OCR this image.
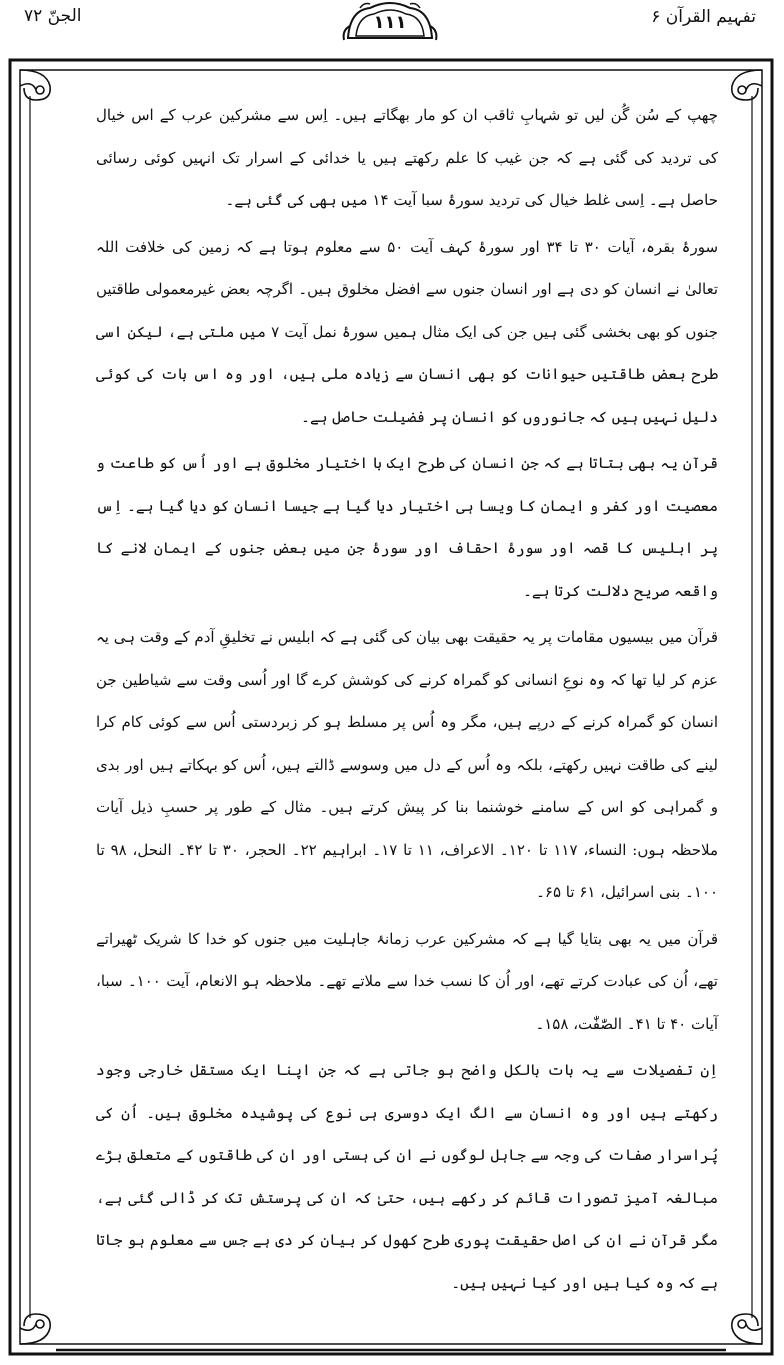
الجنّ ۷۲	۱۱۱	تفہیم القرآن ۶

چھپ کے سُن گُن لیں تو شہابِ ثاقب ان کو مار بھگاتے ہیں۔ اِس سے مشرکین عرب کے اس خیال کی تردید کی گئی ہے کہ جن غیب کا علم رکھتے ہیں یا خدائی کے اسرار تک انہیں کوئی رسائی حاصل ہے۔ اِسی غلط خیال کی تردید سورۂ سبا آیت ۱۴ میں بھی کی گئی ہے۔

سورۂ بقرہ، آیات ۳۰ تا ۳۴ اور سورۂ کہف آیت ۵۰ سے معلوم ہوتا ہے کہ زمین کی خلافت اللہ تعالیٰ نے انسان کو دی ہے اور انسان جنوں سے افضل مخلوق ہیں۔ اگرچہ بعض غیرمعمولی طاقتیں جنوں کو بھی بخشی گئی ہیں جن کی ایک مثال ہمیں سورۂ نمل آیت ۷ میں ملتی ہے، لیکن اسی طرح بعض طاقتیں حیوانات کو بھی انسان سے زیادہ ملی ہیں، اور وہ اس بات کی کوئی دلیل نہیں ہیں کہ جانوروں کو انسان پر فضیلت حاصل ہے۔

قرآن یہ بھی بتاتا ہے کہ جن انسان کی طرح ایک با اختیار مخلوق ہے اور اُس کو طاعت و معصیت اور کفر و ایمان کا ویسا ہی اختیار دیا گیا ہے جیسا انسان کو دیا گیا ہے۔ اِس پر ابلیس کا قصہ اور سورۂ احقاف اور سورۂ جن میں بعض جنوں کے ایمان لانے کا واقعہ صریح دلالت کرتا ہے۔

قرآن میں بیسیوں مقامات پر یہ حقیقت بھی بیان کی گئی ہے کہ ابلیس نے تخلیقِ آدم کے وقت ہی یہ عزم کر لیا تھا کہ وہ نوعِ انسانی کو گمراہ کرنے کی کوشش کرے گا اور اُسی وقت سے شیاطین جن انسان کو گمراہ کرنے کے درپے ہیں، مگر وہ اُس پر مسلط ہو کر زبردستی اُس سے کوئی کام کرا لینے کی طاقت نہیں رکھتے، بلکہ وہ اُس کے دل میں وسوسے ڈالتے ہیں، اُس کو بہکاتے ہیں اور بدی و گمراہی کو اس کے سامنے خوشنما بنا کر پیش کرتے ہیں۔ مثال کے طور پر حسبِ ذیل آیات ملاحظہ ہوں: النساء، ۱۱۷ تا ۱۲۰۔ الاعراف، ۱۱ تا ۱۷۔ ابراہیم ۲۲۔ الحجر، ۳۰ تا ۴۲۔ النحل، ۹۸ تا ۱۰۰۔ بنی اسرائیل، ۶۱ تا ۶۵۔

قرآن میں یہ بھی بتایا گیا ہے کہ مشرکین عرب زمانۂ جاہلیت میں جنوں کو خدا کا شریک ٹھیراتے تھے، اُن کی عبادت کرتے تھے، اور اُن کا نسب خدا سے ملاتے تھے۔ ملاحظہ ہو الانعام، آیت ۱۰۰۔ سبا، آیات ۴۰ تا ۴۱۔ الصّٰفّٰت، ۱۵۸۔

اِن تفصیلات سے یہ بات بالکل واضح ہو جاتی ہے کہ جن اپنا ایک مستقل خارجی وجود رکھتے ہیں اور وہ انسان سے الگ ایک دوسری ہی نوع کی پوشیدہ مخلوق ہیں۔ اُن کی پُراسرار صفات کی وجہ سے جاہل لوگوں نے ان کی ہستی اور ان کی طاقتوں کے متعلق بڑے مبالغہ آمیز تصورات قائم کر رکھے ہیں، حتیٰ کہ ان کی پرستش تک کر ڈالی گئی ہے، مگر قرآن نے ان کی اصل حقیقت پوری طرح کھول کر بیان کر دی ہے جس سے معلوم ہو جاتا ہے کہ وہ کیا ہیں اور کیا نہیں ہیں۔
